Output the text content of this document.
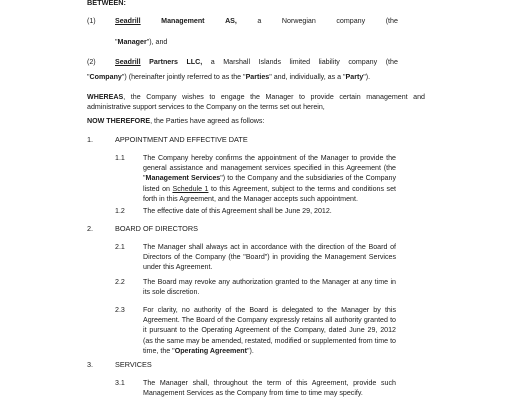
BETWEEN:
(1)	Seadrill	Management	AS,	a	Norwegian	company	(the
"Manager"), and
(2)	Seadrill Partners LLC, a Marshall Islands limited liability company (the
"Company") (hereinafter jointly referred to as the "Parties" and, individually, as a "Party").

WHEREAS, the Company wishes to engage the Manager to provide certain management and administrative support services to the Company on the terms set out herein,

NOW THEREFORE, the Parties have agreed as follows:

1.	APPOINTMENT AND EFFECTIVE DATE
1.1	The Company hereby confirms the appointment of the Manager to provide the general assistance and management services specified in this Agreement (the "Management Services") to the Company and the subsidiaries of the Company listed on Schedule 1 to this Agreement, subject to the terms and conditions set forth in this Agreement, and the Manager accepts such appointment.

1.2	The effective date of this Agreement shall be June 29, 2012.

2.	BOARD OF DIRECTORS
2.1	The Manager shall always act in accordance with the direction of the Board of Directors of the Company (the "Board") in providing the Management Services under this Agreement.

2.2	The Board may revoke any authorization granted to the Manager at any time in its sole discretion.

2.3	For clarity, no authority of the Board is delegated to the Manager by this Agreement. The Board of the Company expressly retains all authority granted to it pursuant to the Operating Agreement of the Company, dated June 29, 2012 (as the same may be amended, restated, modified or supplemented from time to time, the "Operating Agreement").

3.	SERVICES
3.1	The Manager shall, throughout the term of this Agreement, provide such Management Services as the Company from time to time may specify.
